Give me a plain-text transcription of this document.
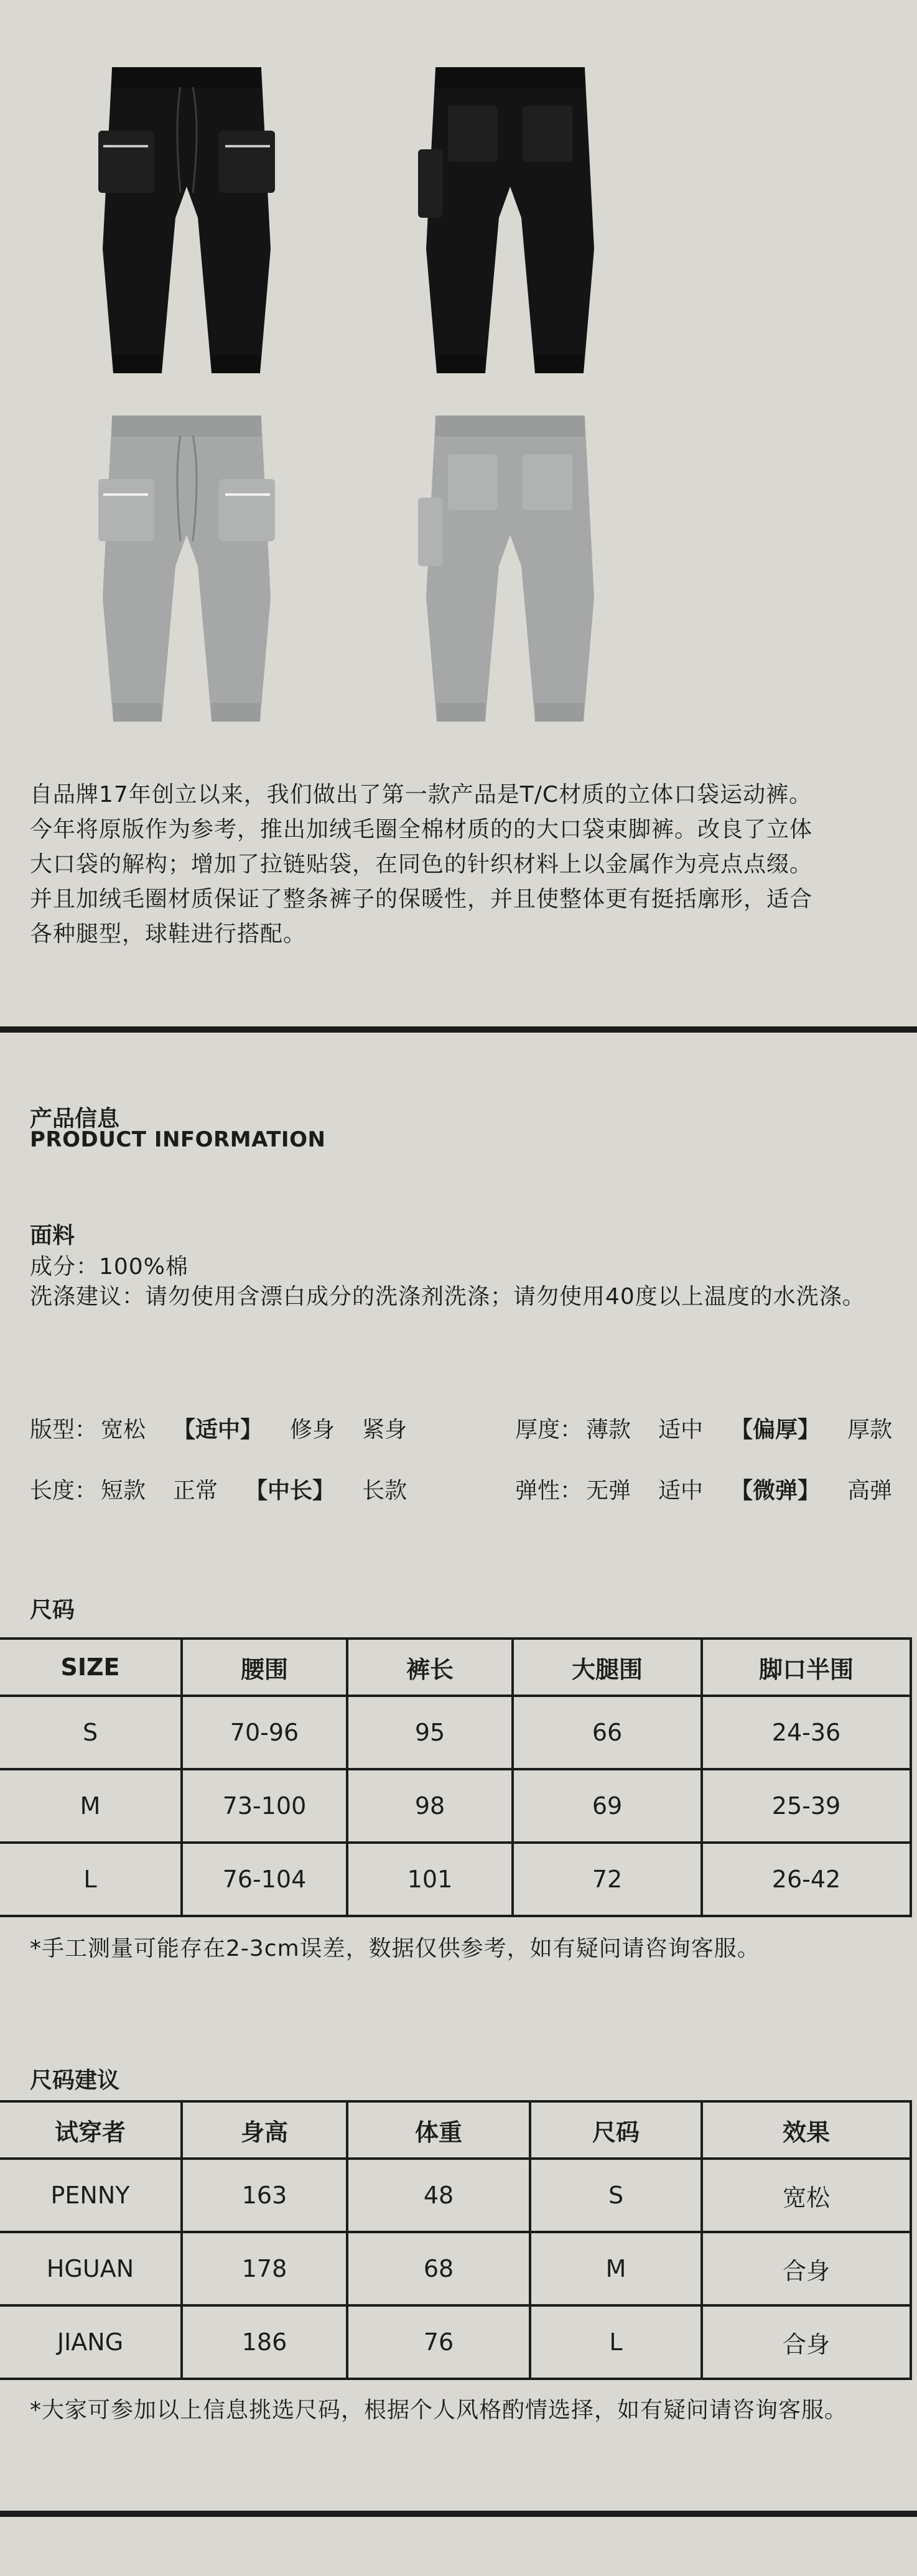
自品牌17年创立以来，我们做出了第一款产品是T/C材质的立体口袋运动裤。
今年将原版作为参考，推出加绒毛圈全棉材质的的大口袋束脚裤。改良了立体
大口袋的解构；增加了拉链贴袋，在同色的针织材料上以金属作为亮点点缀。
并且加绒毛圈材质保证了整条裤子的保暖性，并且使整体更有挺括廓形，适合
各种腿型，球鞋进行搭配。
产品信息
PRODUCT INFORMATION
面料
成分：100%棉
洗涤建议：请勿使用含漂白成分的洗涤剂洗涤；请勿使用40度以上温度的水洗涤。
版型： 宽松 【适中】 修身 紧身	厚度： 薄款 适中 【偏厚】 厚款
长度： 短款 正常 【中长】 长款	弹性： 无弹 适中 【微弹】 高弹
尺码
SIZE	腰围	裤长	大腿围	脚口半围
S	70-96	95	66	24-36
M	73-100	98	69	25-39
L	76-104	101	72	26-42
*手工测量可能存在2-3cm误差，数据仅供参考，如有疑问请咨询客服。
尺码建议
试穿者	身高	体重	尺码	效果
PENNY	163	48	S	宽松
HGUAN	178	68	M	合身
JIANG	186	76	L	合身
*大家可参加以上信息挑选尺码，根据个人风格酌情选择，如有疑问请咨询客服。
